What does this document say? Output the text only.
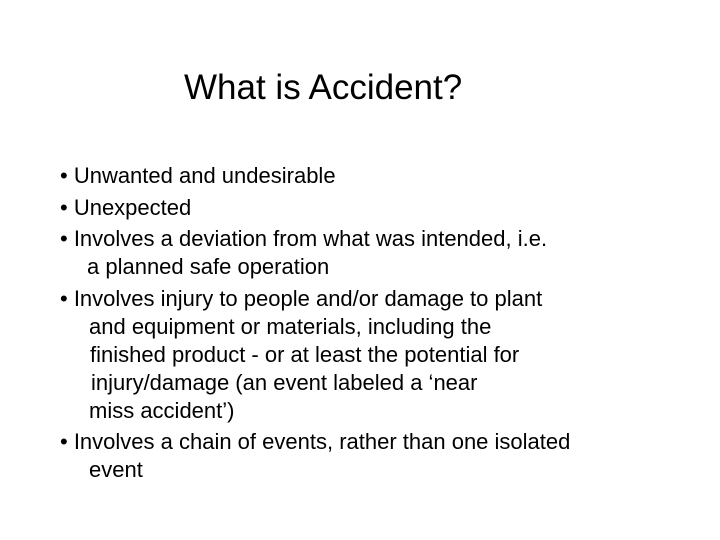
What is Accident?
• Unwanted and undesirable
• Unexpected
• Involves a deviation from what was intended, i.e.
a planned safe operation
• Involves injury to people and/or damage to plant
and equipment or materials, including the
finished product - or at least the potential for
injury/damage (an event labeled a ‘near
miss accident’)
• Involves a chain of events, rather than one isolated
event
